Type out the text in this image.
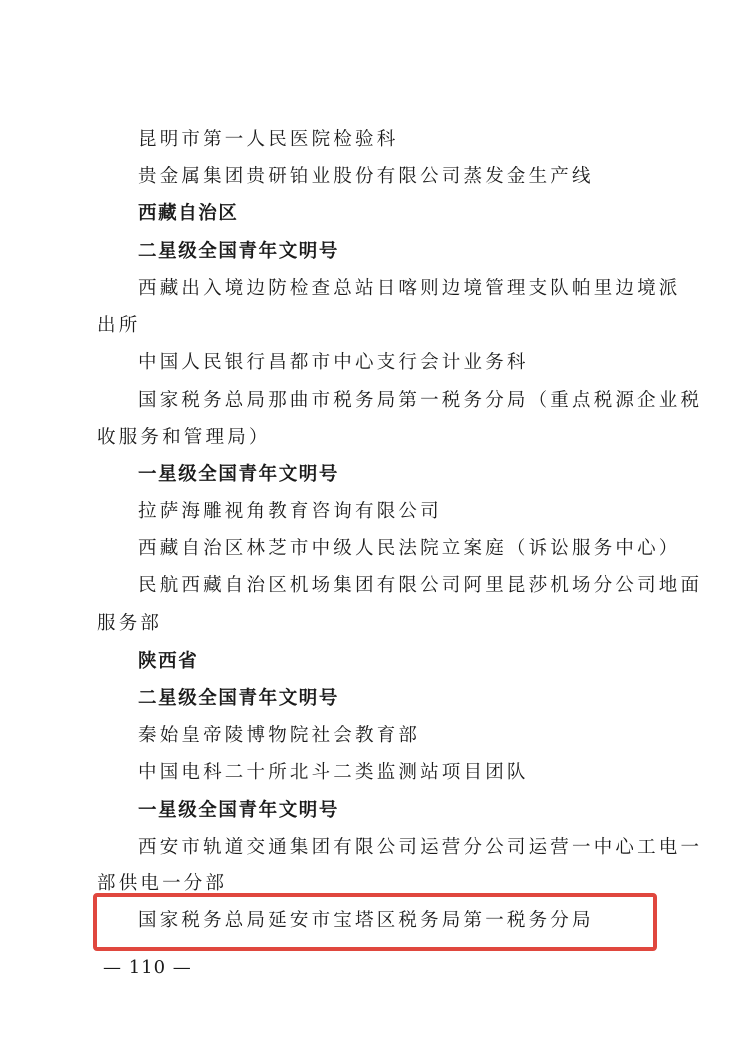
昆明市第一人民医院检验科
贵金属集团贵研铂业股份有限公司蒸发金生产线
西藏自治区
二星级全国青年文明号
西藏出入境边防检查总站日喀则边境管理支队帕里边境派
出所
中国人民银行昌都市中心支行会计业务科
国家税务总局那曲市税务局第一税务分局（重点税源企业税
收服务和管理局）
一星级全国青年文明号
拉萨海雕视角教育咨询有限公司
西藏自治区林芝市中级人民法院立案庭（诉讼服务中心）
民航西藏自治区机场集团有限公司阿里昆莎机场分公司地面
服务部
陕西省
二星级全国青年文明号
秦始皇帝陵博物院社会教育部
中国电科二十所北斗二类监测站项目团队
一星级全国青年文明号
西安市轨道交通集团有限公司运营分公司运营一中心工电一
部供电一分部
国家税务总局延安市宝塔区税务局第一税务分局
— 110 —
